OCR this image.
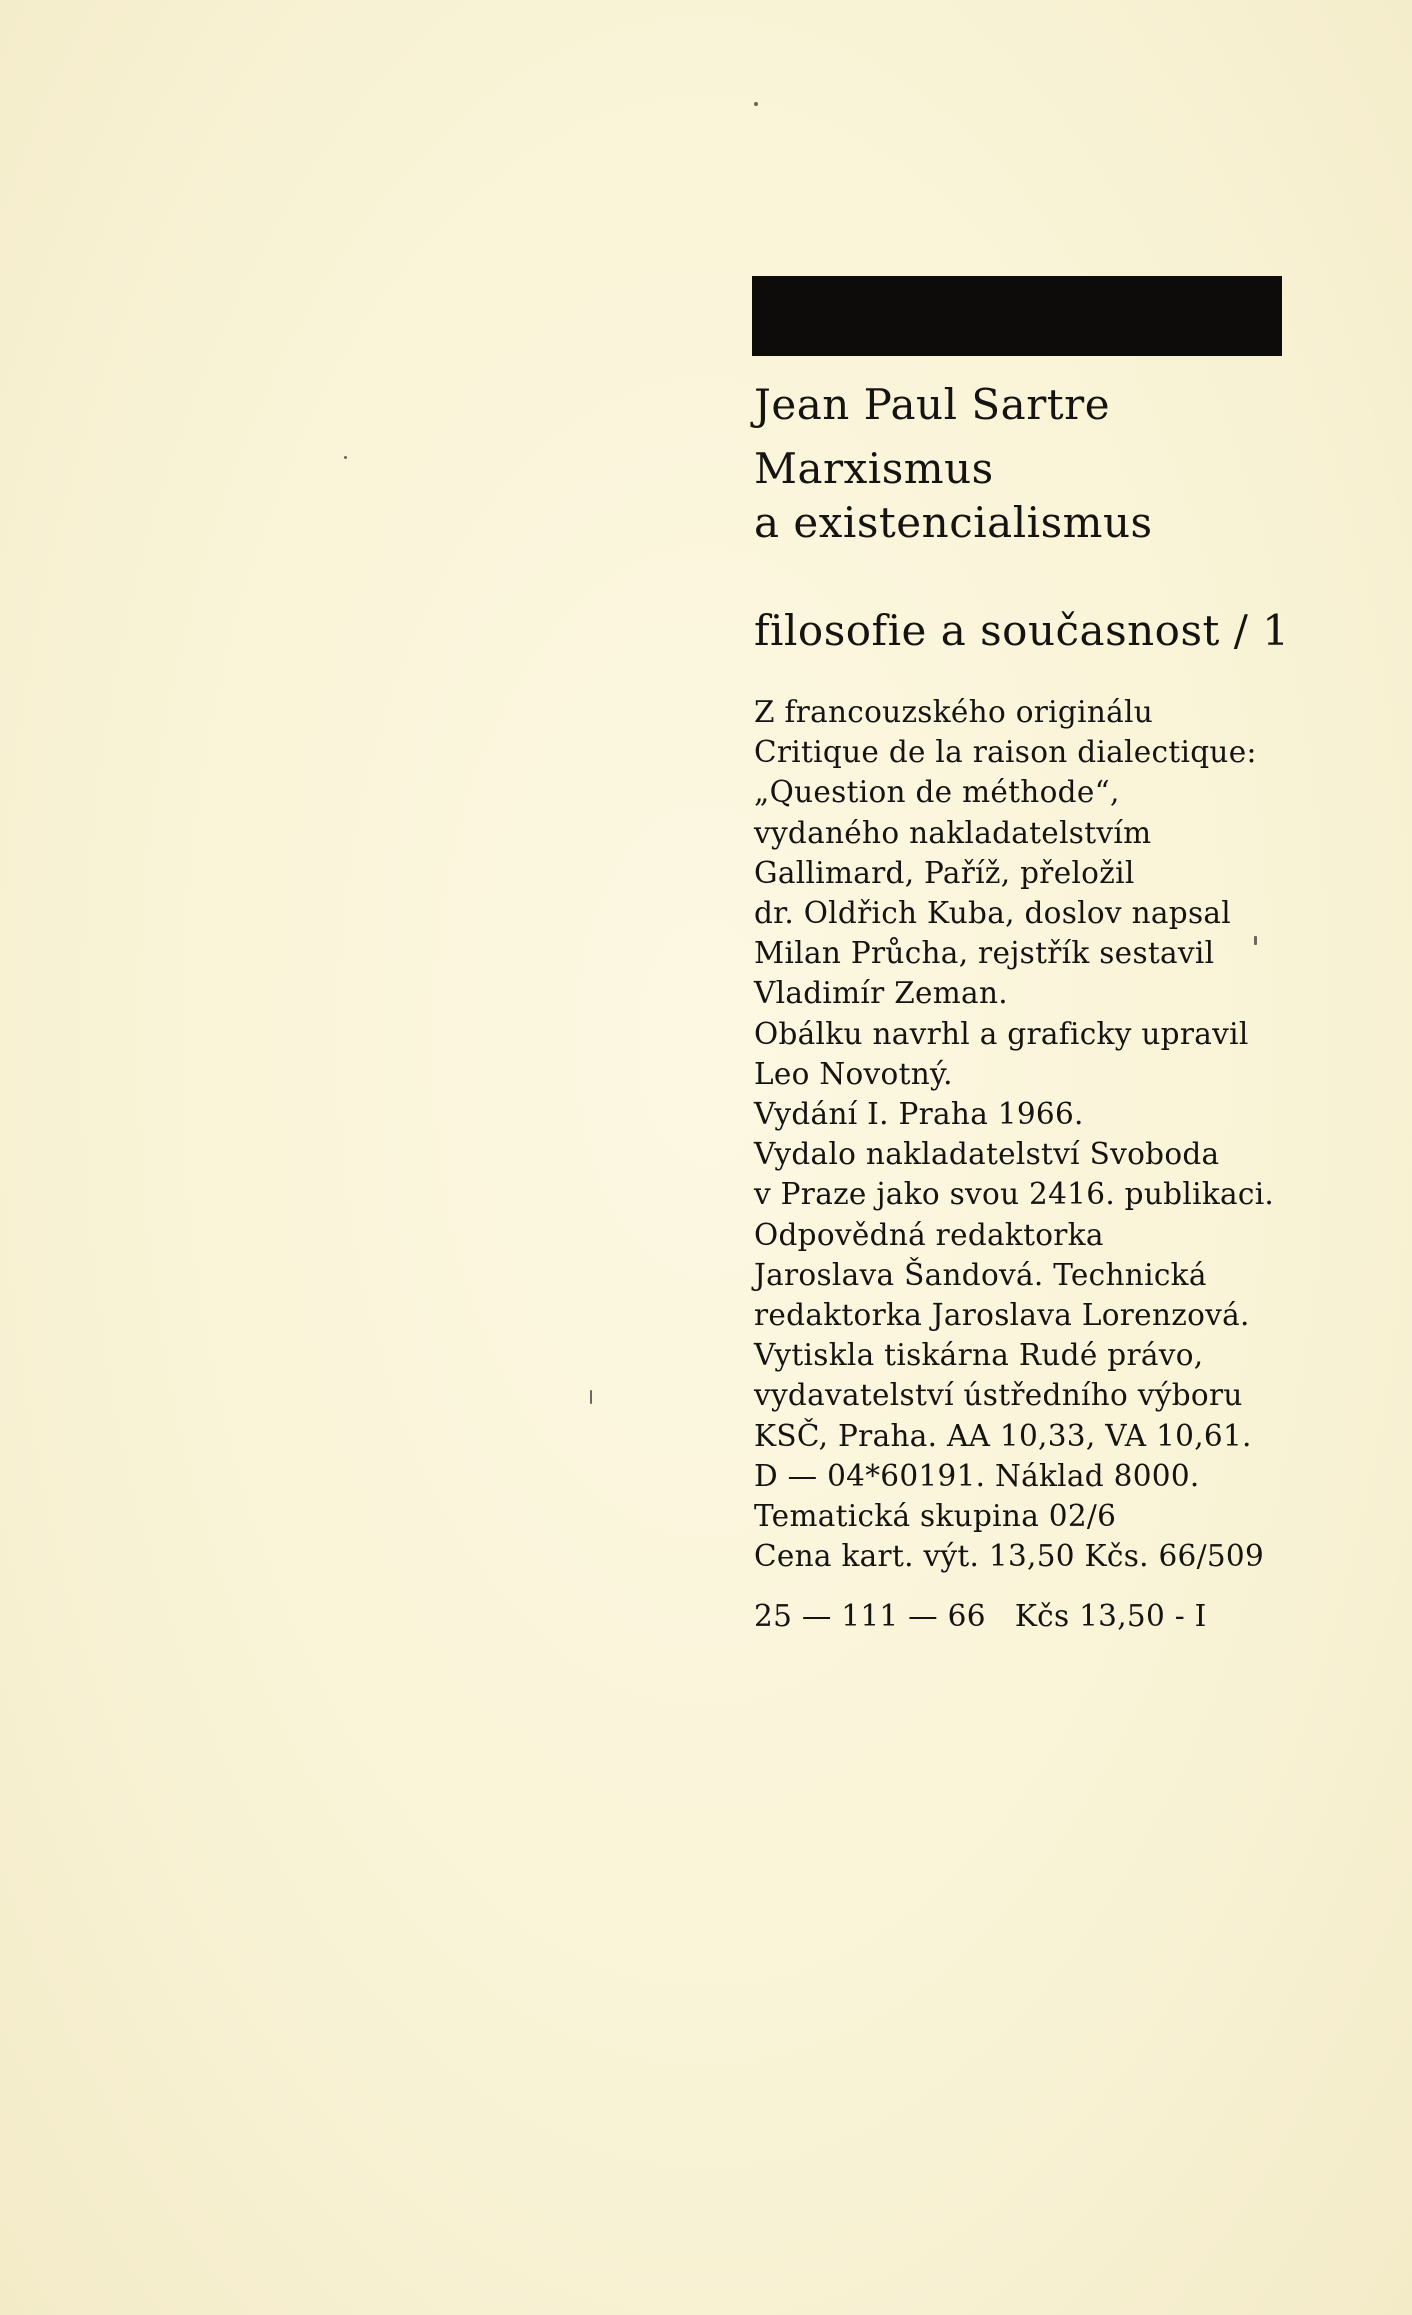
Jean Paul Sartre
Marxismus
a existencialismus
filosofie a současnost / 1
Z francouzského originálu
Critique de la raison dialectique:
„Question de méthode“,
vydaného nakladatelstvím
Gallimard, Paříž, přeložil
dr. Oldřich Kuba, doslov napsal
Milan Průcha, rejstřík sestavil
Vladimír Zeman.
Obálku navrhl a graficky upravil
Leo Novotný.
Vydání I. Praha 1966.
Vydalo nakladatelství Svoboda
v Praze jako svou 2416. publikaci.
Odpovědná redaktorka
Jaroslava Šandová. Technická
redaktorka Jaroslava Lorenzová.
Vytiskla tiskárna Rudé právo,
vydavatelství ústředního výboru
KSČ, Praha. AA 10,33, VA 10,61.
D — 04*60191. Náklad 8000.
Tematická skupina 02/6
Cena kart. výt. 13,50 Kčs. 66/509
25 — 111 — 66   Kčs 13,50 - I
